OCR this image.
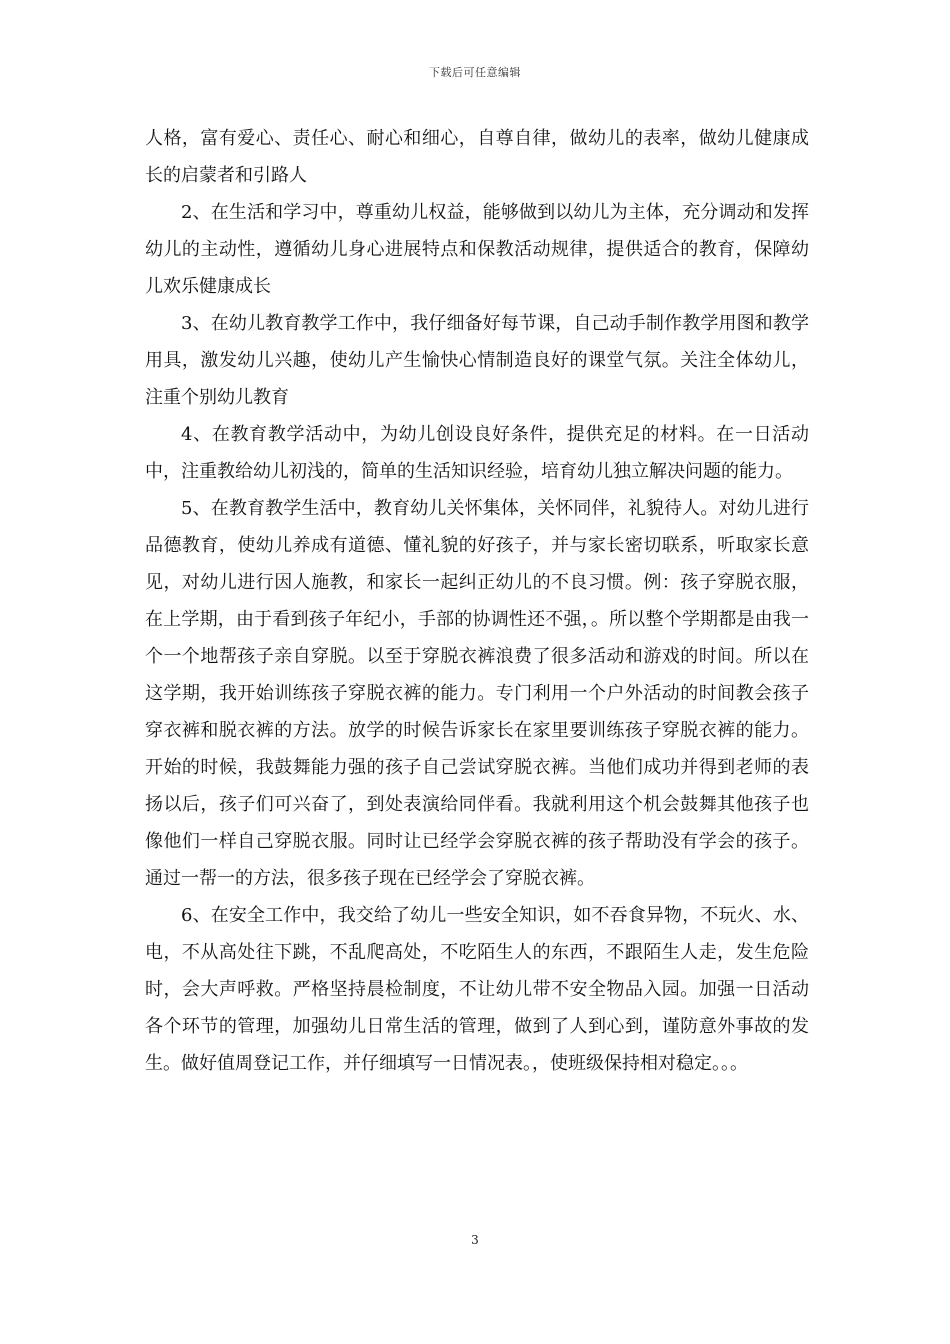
下载后可任意编辑

人格，富有爱心、责任心、耐心和细心，自尊自律，做幼儿的表率，做幼儿健康成长的启蒙者和引路人

2、在生活和学习中，尊重幼儿权益，能够做到以幼儿为主体，充分调动和发挥幼儿的主动性，遵循幼儿身心进展特点和保教活动规律，提供适合的教育，保障幼儿欢乐健康成长

3、在幼儿教育教学工作中，我仔细备好每节课，自己动手制作教学用图和教学用具，激发幼儿兴趣，使幼儿产生愉快心情制造良好的课堂气氛。关注全体幼儿，注重个别幼儿教育

4、在教育教学活动中，为幼儿创设良好条件，提供充足的材料。在一日活动中，注重教给幼儿初浅的，简单的生活知识经验，培育幼儿独立解决问题的能力。

5、在教育教学生活中，教育幼儿关怀集体，关怀同伴，礼貌待人。对幼儿进行品德教育，使幼儿养成有道德、懂礼貌的好孩子，并与家长密切联系，听取家长意见，对幼儿进行因人施教，和家长一起纠正幼儿的不良习惯。例：孩子穿脱衣服，在上学期，由于看到孩子年纪小，手部的协调性还不强，。所以整个学期都是由我一个一个地帮孩子亲自穿脱。以至于穿脱衣裤浪费了很多活动和游戏的时间。所以在这学期，我开始训练孩子穿脱衣裤的能力。专门利用一个户外活动的时间教会孩子穿衣裤和脱衣裤的方法。放学的时候告诉家长在家里要训练孩子穿脱衣裤的能力。开始的时候，我鼓舞能力强的孩子自己尝试穿脱衣裤。当他们成功并得到老师的表扬以后，孩子们可兴奋了，到处表演给同伴看。我就利用这个机会鼓舞其他孩子也像他们一样自己穿脱衣服。同时让已经学会穿脱衣裤的孩子帮助没有学会的孩子。通过一帮一的方法，很多孩子现在已经学会了穿脱衣裤。

6、在安全工作中，我交给了幼儿一些安全知识，如不吞食异物，不玩火、水、电，不从高处往下跳，不乱爬高处，不吃陌生人的东西，不跟陌生人走，发生危险时，会大声呼救。严格坚持晨检制度，不让幼儿带不安全物品入园。加强一日活动各个环节的管理，加强幼儿日常生活的管理，做到了人到心到，谨防意外事故的发生。做好值周登记工作，并仔细填写一日情况表。，使班级保持相对稳定。。。

3
